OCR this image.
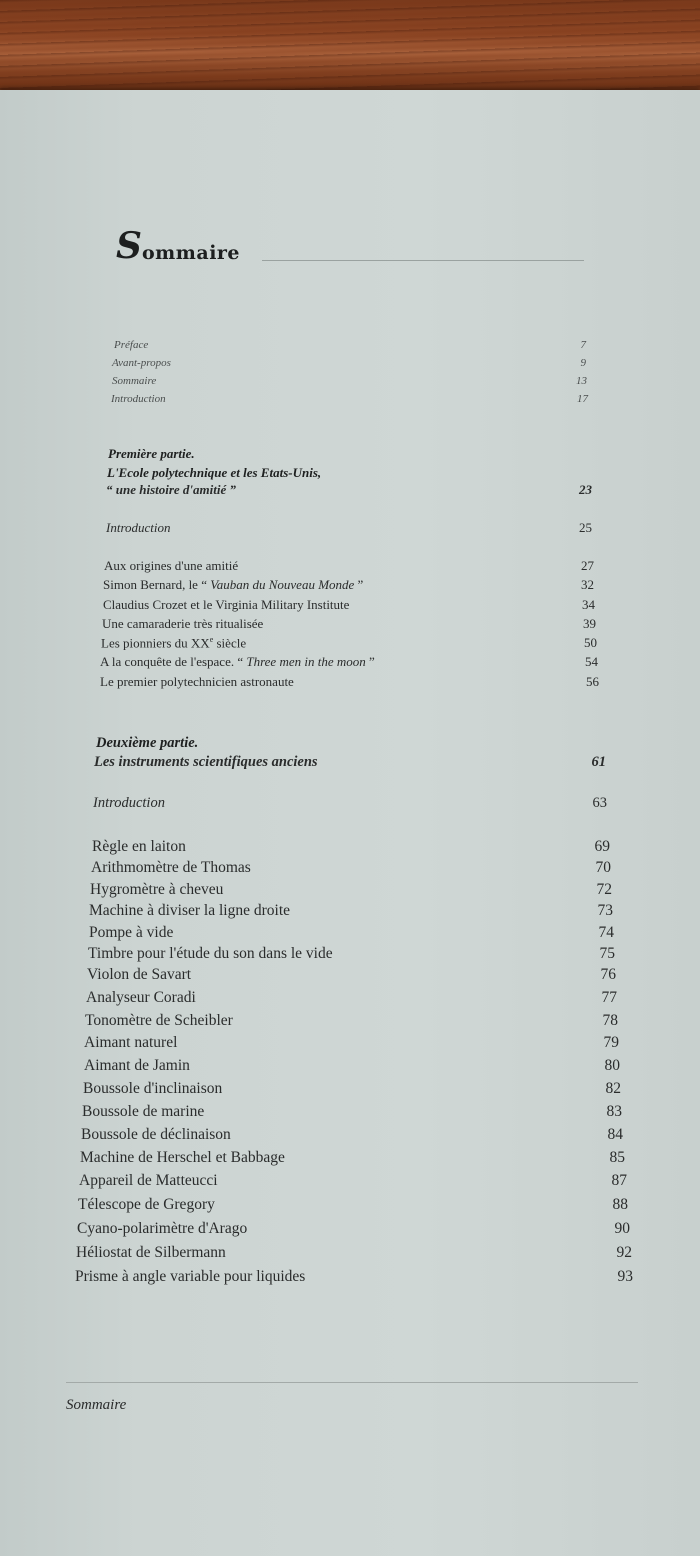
Sommaire
Préface	7
Avant-propos	9
Sommaire	13
Introduction	17
Première partie.
L'Ecole polytechnique et les Etats-Unis,
“ une histoire d'amitié ”	23
Introduction	25
Aux origines d'une amitié	27
Simon Bernard, le “ Vauban du Nouveau Monde ”	32
Claudius Crozet et le Virginia Military Institute	34
Une camaraderie très ritualisée	39
Les pionniers du XXe siècle	50
A la conquête de l'espace. “ Three men in the moon ”	54
Le premier polytechnicien astronaute	56
Deuxième partie.
Les instruments scientifiques anciens	61
Introduction	63
Règle en laiton	69
Arithmomètre de Thomas	70
Hygromètre à cheveu	72
Machine à diviser la ligne droite	73
Pompe à vide	74
Timbre pour l'étude du son dans le vide	75
Violon de Savart	76
Analyseur Coradi	77
Tonomètre de Scheibler	78
Aimant naturel	79
Aimant de Jamin	80
Boussole d'inclinaison	82
Boussole de marine	83
Boussole de déclinaison	84
Machine de Herschel et Babbage	85
Appareil de Matteucci	87
Télescope de Gregory	88
Cyano-polarimètre d'Arago	90
Héliostat de Silbermann	92
Prisme à angle variable pour liquides	93
Sommaire
